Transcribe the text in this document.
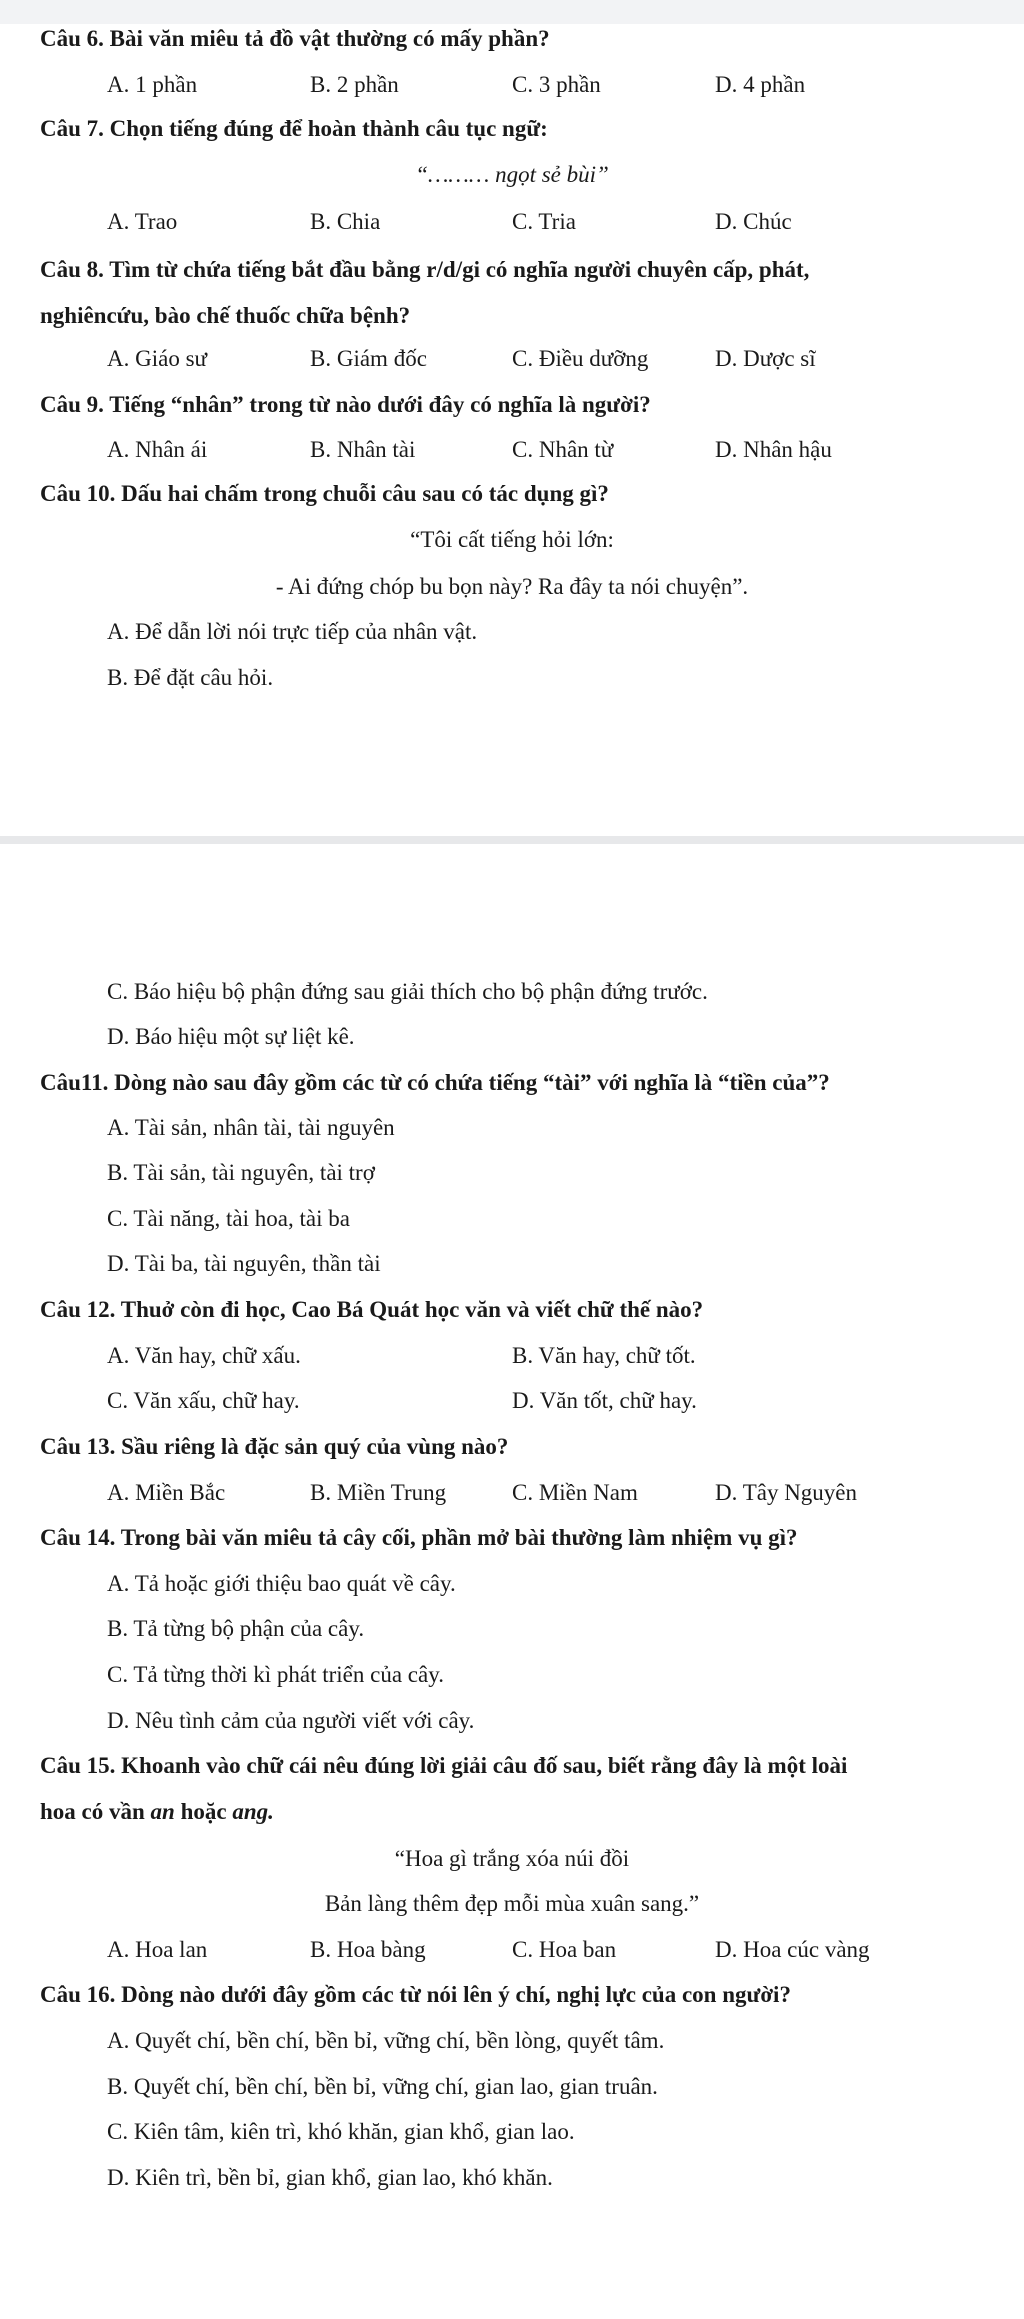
Câu 6. Bài văn miêu tả đồ vật thường có mấy phần?
A. 1 phần	B. 2 phần	C. 3 phần	D. 4 phần
Câu 7. Chọn tiếng đúng để hoàn thành câu tục ngữ:
“……… ngọt sẻ bùi”
A. Trao	B. Chia	C. Tria	D. Chúc
Câu 8. Tìm từ chứa tiếng bắt đầu bằng r/d/gi có nghĩa người chuyên cấp, phát,
nghiêncứu, bào chế thuốc chữa bệnh?
A. Giáo sư	B. Giám đốc	C. Điều dưỡng	D. Dược sĩ
Câu 9. Tiếng “nhân” trong từ nào dưới đây có nghĩa là người?
A. Nhân ái	B. Nhân tài	C. Nhân từ	D. Nhân hậu
Câu 10. Dấu hai chấm trong chuỗi câu sau có tác dụng gì?
“Tôi cất tiếng hỏi lớn:
- Ai đứng chóp bu bọn này? Ra đây ta nói chuyện”.
A. Để dẫn lời nói trực tiếp của nhân vật.
B. Để đặt câu hỏi.
C. Báo hiệu bộ phận đứng sau giải thích cho bộ phận đứng trước.
D. Báo hiệu một sự liệt kê.
Câu11. Dòng nào sau đây gồm các từ có chứa tiếng “tài” với nghĩa là “tiền của”?
A. Tài sản, nhân tài, tài nguyên
B. Tài sản, tài nguyên, tài trợ
C. Tài năng, tài hoa, tài ba
D. Tài ba, tài nguyên, thần tài
Câu 12. Thuở còn đi học, Cao Bá Quát học văn và viết chữ thế nào?
A. Văn hay, chữ xấu.	B. Văn hay, chữ tốt.
C. Văn xấu, chữ hay.	D. Văn tốt, chữ hay.
Câu 13. Sầu riêng là đặc sản quý của vùng nào?
A. Miền Bắc	B. Miền Trung	C. Miền Nam	D. Tây Nguyên
Câu 14. Trong bài văn miêu tả cây cối, phần mở bài thường làm nhiệm vụ gì?
A. Tả hoặc giới thiệu bao quát về cây.
B. Tả từng bộ phận của cây.
C. Tả từng thời kì phát triển của cây.
D. Nêu tình cảm của người viết với cây.
Câu 15. Khoanh vào chữ cái nêu đúng lời giải câu đố sau, biết rằng đây là một loài
hoa có vần an hoặc ang.
“Hoa gì trắng xóa núi đồi
Bản làng thêm đẹp mỗi mùa xuân sang.”
A. Hoa lan	B. Hoa bàng	C. Hoa ban	D. Hoa cúc vàng
Câu 16. Dòng nào dưới đây gồm các từ nói lên ý chí, nghị lực của con người?
A. Quyết chí, bền chí, bền bỉ, vững chí, bền lòng, quyết tâm.
B. Quyết chí, bền chí, bền bỉ, vững chí, gian lao, gian truân.
C. Kiên tâm, kiên trì, khó khăn, gian khổ, gian lao.
D. Kiên trì, bền bỉ, gian khổ, gian lao, khó khăn.
